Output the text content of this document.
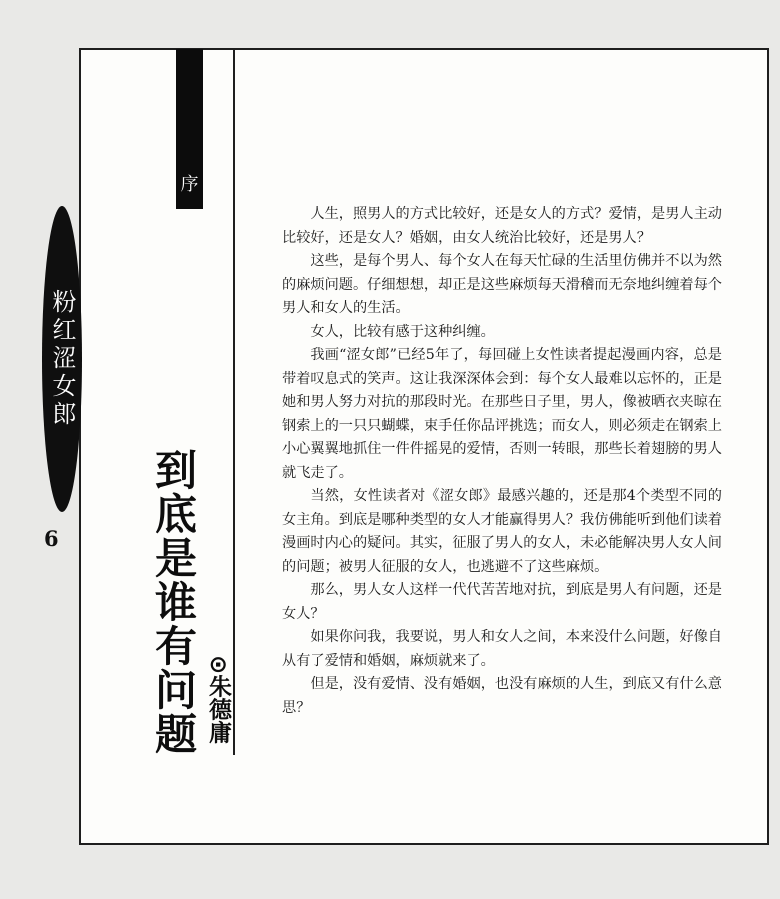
粉红涩女郎
6
序
到底是谁有问题 ⊙朱德庸

人生，照男人的方式比较好，还是女人的方式？爱情，是男人主动比较好，还是女人？婚姻，由女人统治比较好，还是男人？

这些，是每个男人、每个女人在每天忙碌的生活里仿佛并不以为然的麻烦问题。仔细想想，却正是这些麻烦每天滑稽而无奈地纠缠着每个男人和女人的生活。

女人，比较有感于这种纠缠。

我画“涩女郎”已经5年了，每回碰上女性读者提起漫画内容，总是带着叹息式的笑声。这让我深深体会到：每个女人最难以忘怀的，正是她和男人努力对抗的那段时光。在那些日子里，男人，像被晒衣夹晾在钢索上的一只只蝴蝶，束手任你品评挑选；而女人，则必须走在钢索上小心翼翼地抓住一件件摇晃的爱情，否则一转眼，那些长着翅膀的男人就飞走了。

当然，女性读者对《涩女郎》最感兴趣的，还是那4个类型不同的女主角。到底是哪种类型的女人才能赢得男人？我仿佛能听到他们读着漫画时内心的疑问。其实，征服了男人的女人，未必能解决男人女人间的问题；被男人征服的女人，也逃避不了这些麻烦。

那么，男人女人这样一代代苦苦地对抗，到底是男人有问题，还是女人？

如果你问我，我要说，男人和女人之间，本来没什么问题，好像自从有了爱情和婚姻，麻烦就来了。

但是，没有爱情、没有婚姻，也没有麻烦的人生，到底又有什么意思？
